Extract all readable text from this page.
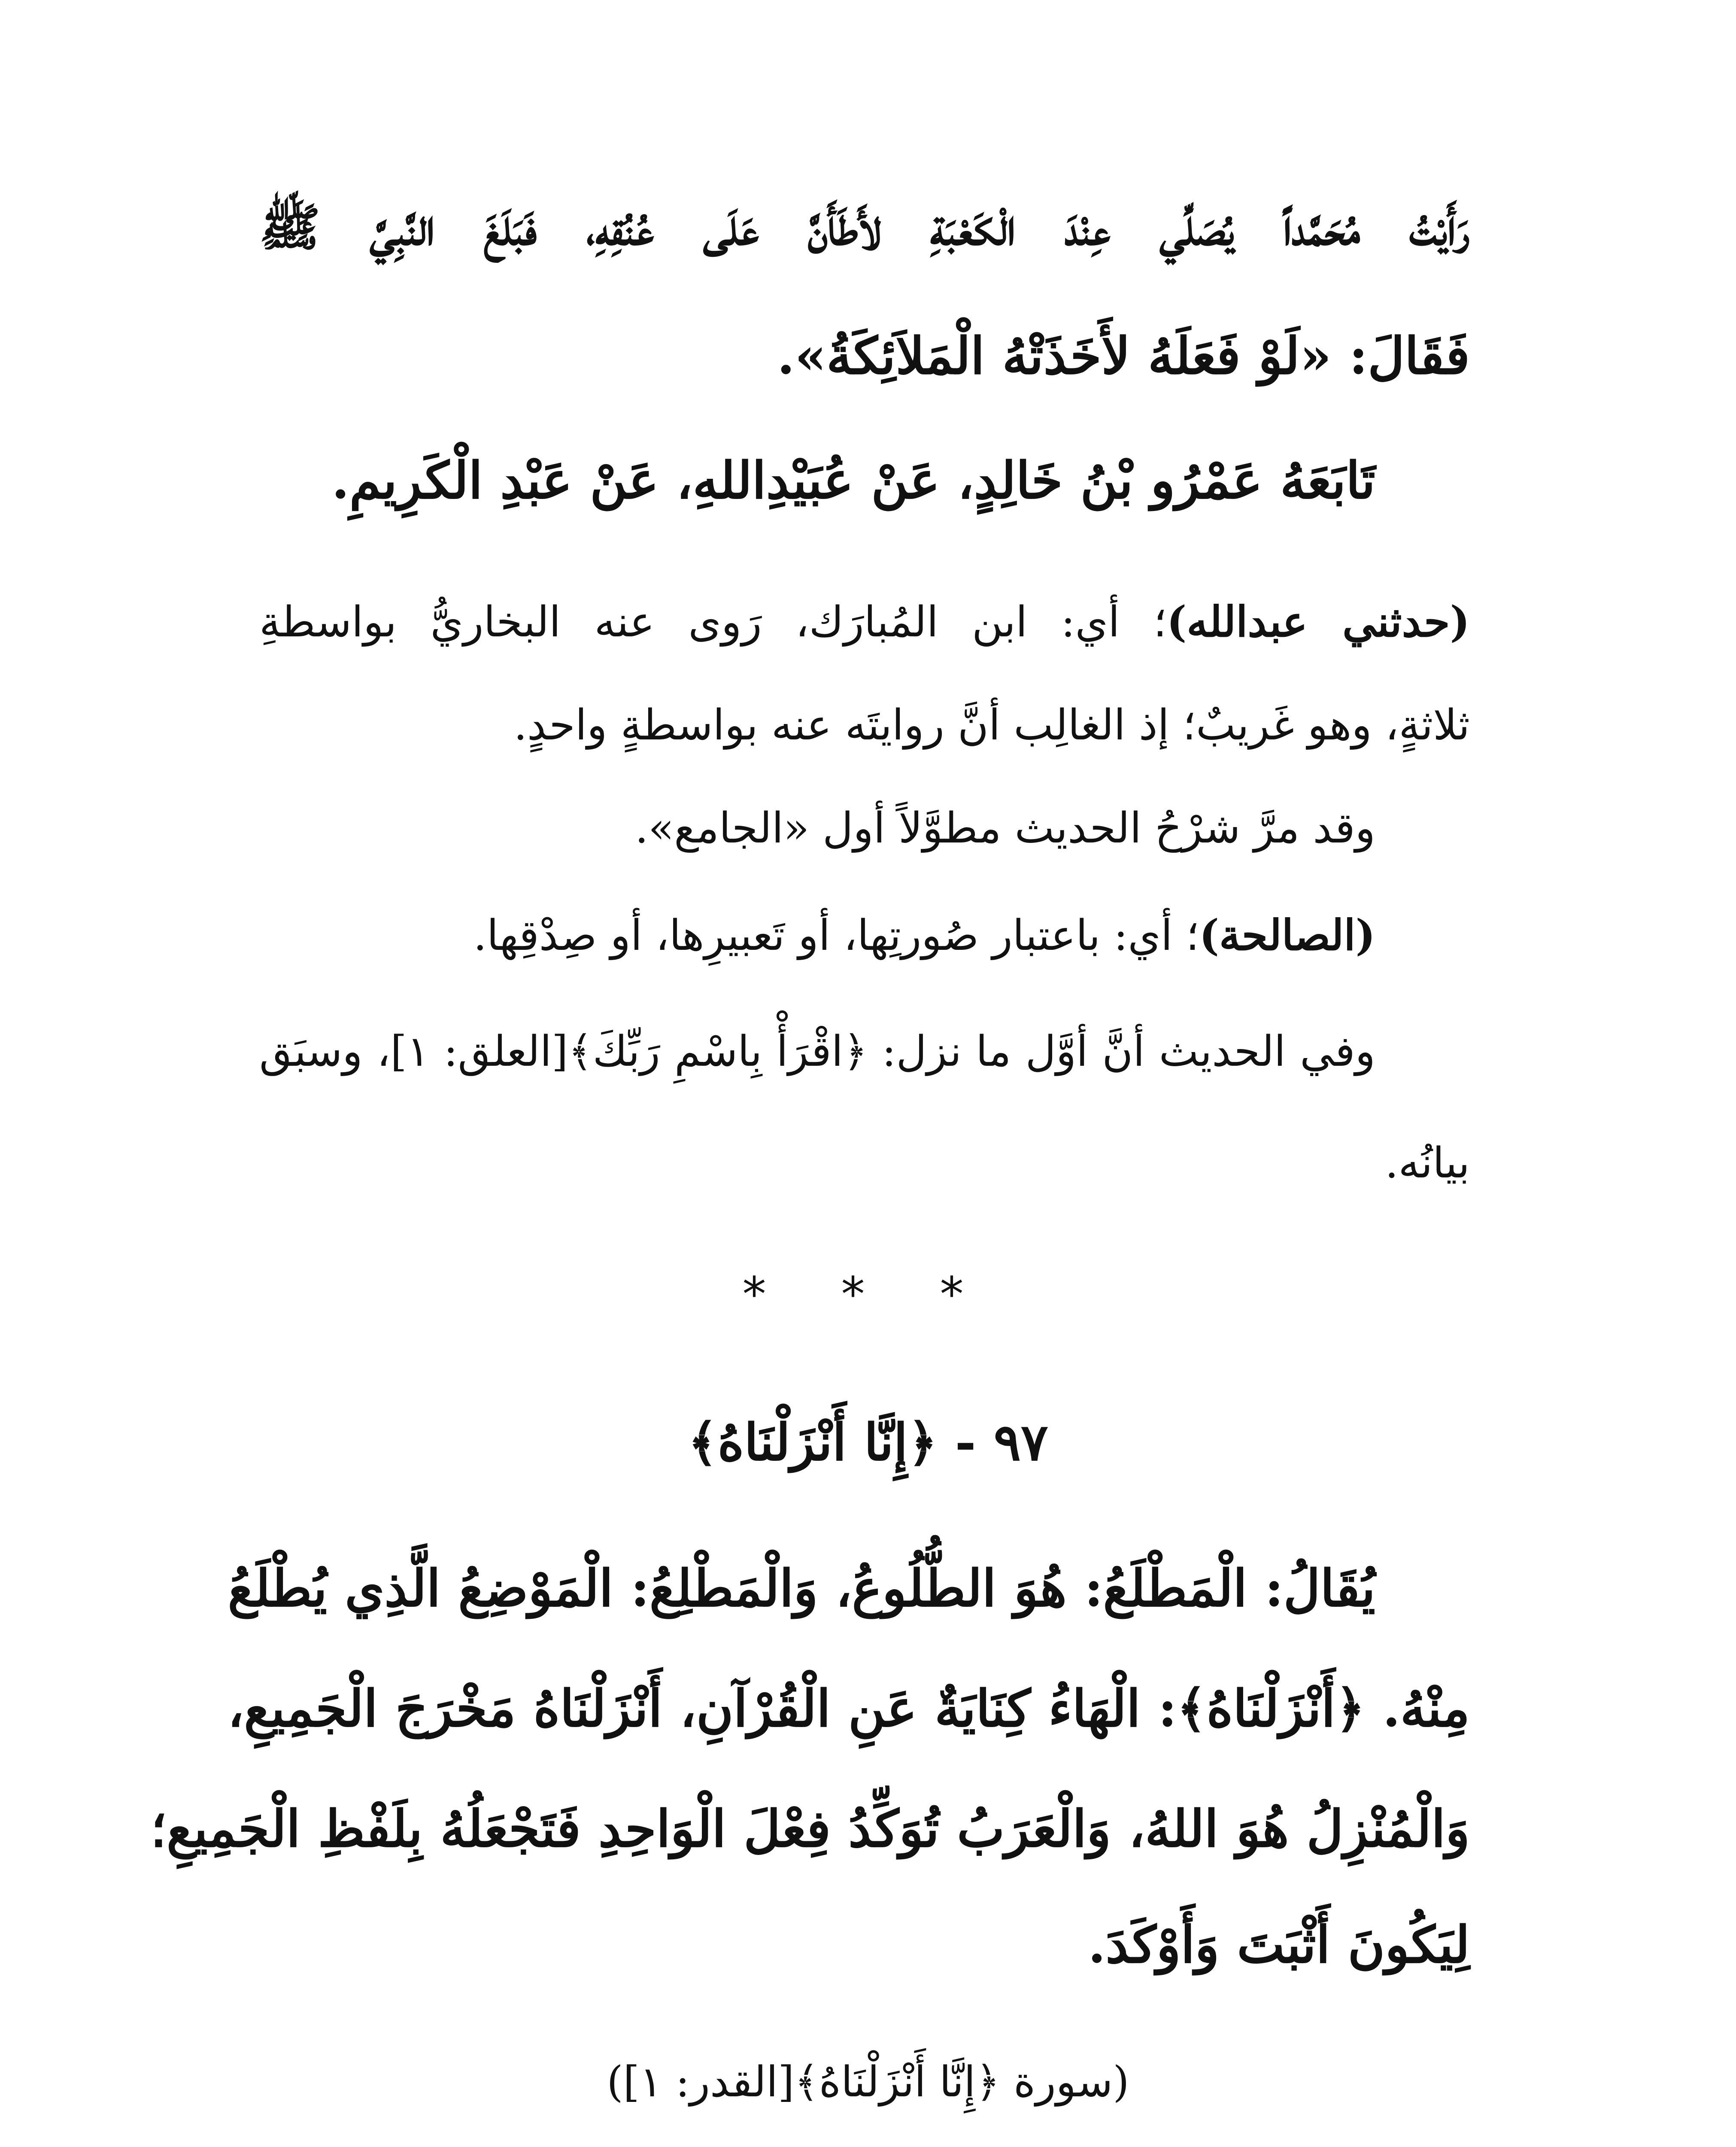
رَأَيْتُ مُحَمَّداً يُصَلِّي عِنْدَ الْكَعْبَةِ لأَطَأَنَّ عَلَى عُنُقِهِ، فَبَلَغَ النَّبِيَّ ﷺ
فَقَالَ: «لَوْ فَعَلَهُ لأَخَذَتْهُ الْمَلاَئِكَةُ».
تَابَعَهُ عَمْرُو بْنُ خَالِدٍ، عَنْ عُبَيْدِاللهِ، عَنْ عَبْدِ الْكَرِيمِ.
(حدثني عبدالله)؛ أي: ابن المُبارَك، رَوى عنه البخاريُّ بواسطةِ
ثلاثةٍ، وهو غَريبٌ؛ إذ الغالِب أنَّ روايتَه عنه بواسطةٍ واحدٍ.
وقد مرَّ شرْحُ الحديث مطوَّلاً أول «الجامع».
(الصالحة)؛ أي: باعتبار صُورتِها، أو تَعبيرِها، أو صِدْقِها.
وفي الحديث أنَّ أوَّل ما نزل: ﴿اقْرَأْ بِاسْمِ رَبِّكَ﴾[العلق: ١]، وسبَق
بيانُه.
* * *
٩٧ - ﴿إِنَّا أَنْزَلْنَاهُ﴾
يُقَالُ: الْمَطْلَعُ: هُوَ الطُّلُوعُ، وَالْمَطْلِعُ: الْمَوْضِعُ الَّذِي يُطْلَعُ
مِنْهُ. ﴿أَنْزَلْنَاهُ﴾: الْهَاءُ كِنَايَةٌ عَنِ الْقُرْآنِ، أَنْزَلْنَاهُ مَخْرَجَ الْجَمِيعِ،
وَالْمُنْزِلُ هُوَ اللهُ، وَالْعَرَبُ تُوَكِّدُ فِعْلَ الْوَاحِدِ فَتَجْعَلُهُ بِلَفْظِ الْجَمِيعِ؛
لِيَكُونَ أَثْبَتَ وَأَوْكَدَ.
(سورة ﴿إِنَّا أَنْزَلْنَاهُ﴾[القدر: ١])
